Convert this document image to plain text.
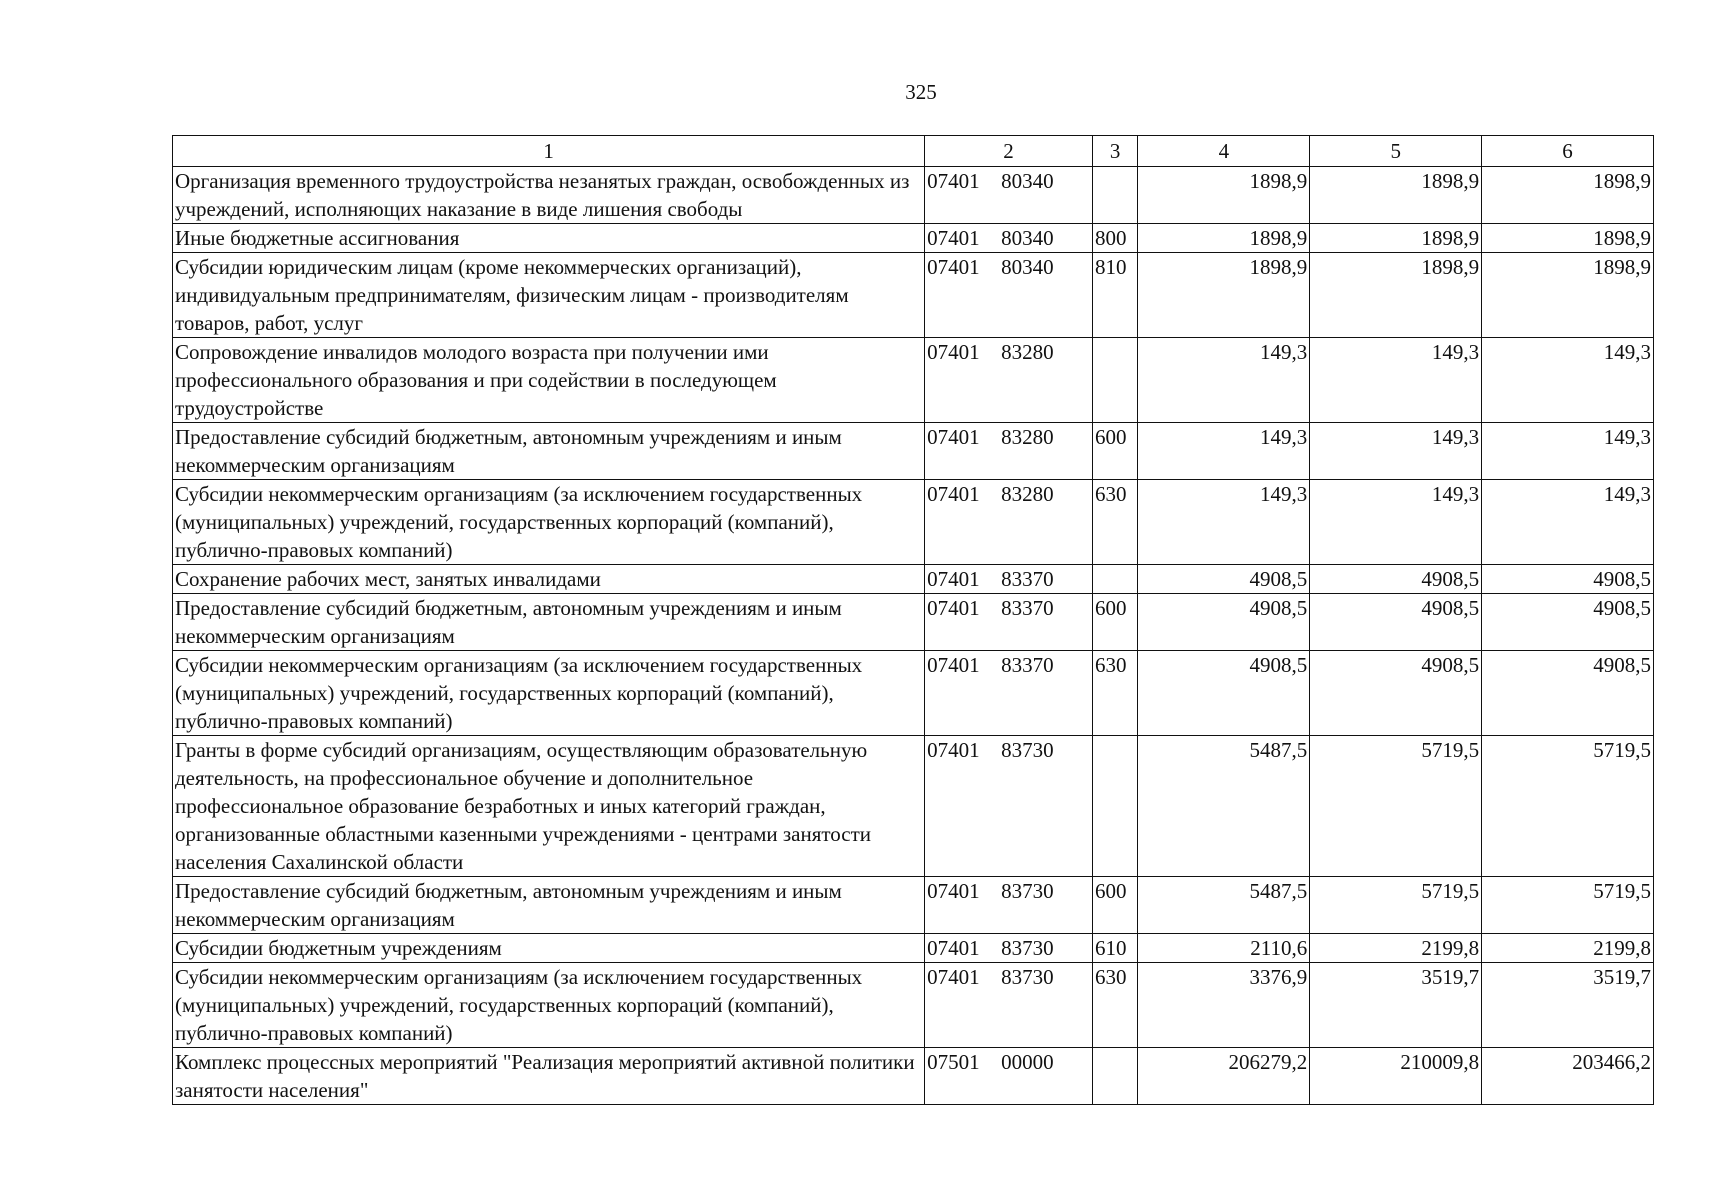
325
1	2	3	4	5	6
Организация временного трудоустройства незанятых граждан, освобожденных из учреждений, исполняющих наказание в виде лишения свободы	07401 80340		1898,9	1898,9	1898,9
Иные бюджетные ассигнования	07401 80340	800	1898,9	1898,9	1898,9
Субсидии юридическим лицам (кроме некоммерческих организаций), индивидуальным предпринимателям, физическим лицам - производителям товаров, работ, услуг	07401 80340	810	1898,9	1898,9	1898,9
Сопровождение инвалидов молодого возраста при получении ими профессионального образования и при содействии в последующем трудоустройстве	07401 83280		149,3	149,3	149,3
Предоставление субсидий бюджетным, автономным учреждениям и иным некоммерческим организациям	07401 83280	600	149,3	149,3	149,3
Субсидии некоммерческим организациям (за исключением государственных (муниципальных) учреждений, государственных корпораций (компаний), публично-правовых компаний)	07401 83280	630	149,3	149,3	149,3
Сохранение рабочих мест, занятых инвалидами	07401 83370		4908,5	4908,5	4908,5
Предоставление субсидий бюджетным, автономным учреждениям и иным некоммерческим организациям	07401 83370	600	4908,5	4908,5	4908,5
Субсидии некоммерческим организациям (за исключением государственных (муниципальных) учреждений, государственных корпораций (компаний), публично-правовых компаний)	07401 83370	630	4908,5	4908,5	4908,5
Гранты в форме субсидий организациям, осуществляющим образовательную деятельность, на профессиональное обучение и дополнительное профессиональное образование безработных и иных категорий граждан, организованные областными казенными учреждениями - центрами занятости населения Сахалинской области	07401 83730		5487,5	5719,5	5719,5
Предоставление субсидий бюджетным, автономным учреждениям и иным некоммерческим организациям	07401 83730	600	5487,5	5719,5	5719,5
Субсидии бюджетным учреждениям	07401 83730	610	2110,6	2199,8	2199,8
Субсидии некоммерческим организациям (за исключением государственных (муниципальных) учреждений, государственных корпораций (компаний), публично-правовых компаний)	07401 83730	630	3376,9	3519,7	3519,7
Комплекс процессных мероприятий "Реализация мероприятий активной политики занятости населения"	07501 00000		206279,2	210009,8	203466,2
